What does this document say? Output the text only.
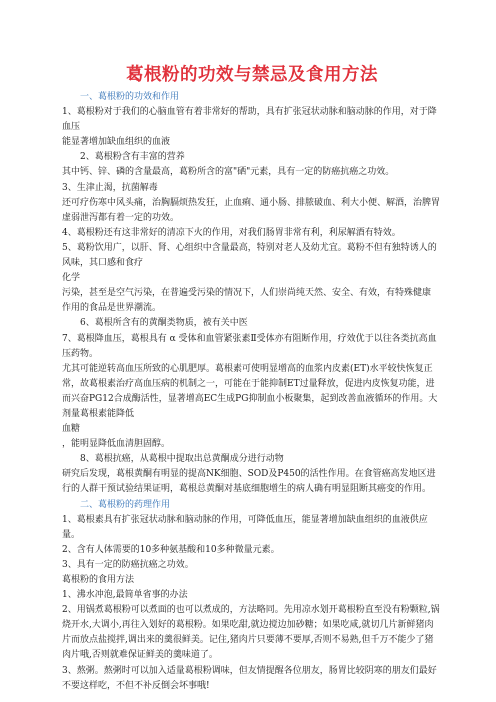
葛根粉的功效与禁忌及食用方法

一、葛根粉的功效和作用

1、葛根粉对于我们的心脑血管有着非常好的帮助，具有扩张冠状动脉和脑动脉的作用，对于降血压

能显著增加缺血组织的血液

2、葛根粉含有丰富的营养

其中钙、锌、磷的含量最高，葛粉所含的富"硒"元素，具有一定的防癌抗癌之功效。

3、生津止渴，抗菌解毒

还可疗伤寒中风头痛，治胸膈烦热发狂，止血痢、通小肠、排脓破血、利大小便、解酒，治脾胃虚弱泄泻都有着一定的功效。

4、葛根粉还有这非常好的清凉下火的作用，对我们肠胃非常有利，利尿解酒有特效。

5、葛粉饮用广，以肝、肾、心组织中含量最高，特别对老人及幼尤宜。葛粉不但有独特诱人的风味，其口感和食疗

化学

污染，甚至是空气污染，在普遍受污染的情况下，人们崇尚纯天然、安全、有效，有特殊健康

作用的食品是世界潮流。

6、葛根所含有的黄酮类物质，被有关中医

7、葛根降血压，葛根具有 α 受体和血管紧张素Ⅱ受体亦有阻断作用，疗效优于以往各类抗高血压药物。

尤其可能逆转高血压所致的心肌肥厚。葛根素可使明显增高的血浆内皮素(ET)水平较快恢复正常，故葛根素治疗高血压病的机制之一，可能在于能抑制ET过量释放，促进内皮恢复功能，进而兴奋PG12合成酶活性，显著增高EC生成PG抑制血小板聚集，起到改善血液循环的作用。大剂量葛根素能降低

血糖

，能明显降低血清胆固醇。

8、葛根抗癌，从葛根中提取出总黄酮成分进行动物

研究后发现，葛根黄酮有明显的提高NK细胞、SOD及P450的活性作用。在食管癌高发地区进行的人群干预试验结果证明，葛根总黄酮对基底细胞增生的病人确有明显阻断其癌变的作用。

二、葛根粉的药理作用

1、葛根素具有扩张冠状动脉和脑动脉的作用，可降低血压，能显著增加缺血组织的血液供应量。

2、含有人体需要的10多种氨基酸和10多种微量元素。

3、具有一定的防癌抗癌之功效。

葛根粉的食用方法

1、沸水冲泡,最简单省事的办法

2、用锅煮葛根粉可以煮面的也可以煮成的，方法略同。先用凉水划开葛根粉直至没有粉颗粒,锅烧开水,大调小,再往入划好的葛根粉。如果吃甜,就边搅边加砂糖；如果吃咸,就切几片新鲜猪肉片而放点盐搅拌,调出来的羹很鲜美。记住,猪肉片只要薄不要厚,否则不易熟,但千万不能少了猪肉片哦,否则就难保证鲜美的羹味道了。

3、熬粥。熬粥时可以加入适量葛根粉调味，但友情提醒各位朋友，肠胃比较阴寒的朋友们最好不要这样吃，不但不补反倒会坏事哦!
